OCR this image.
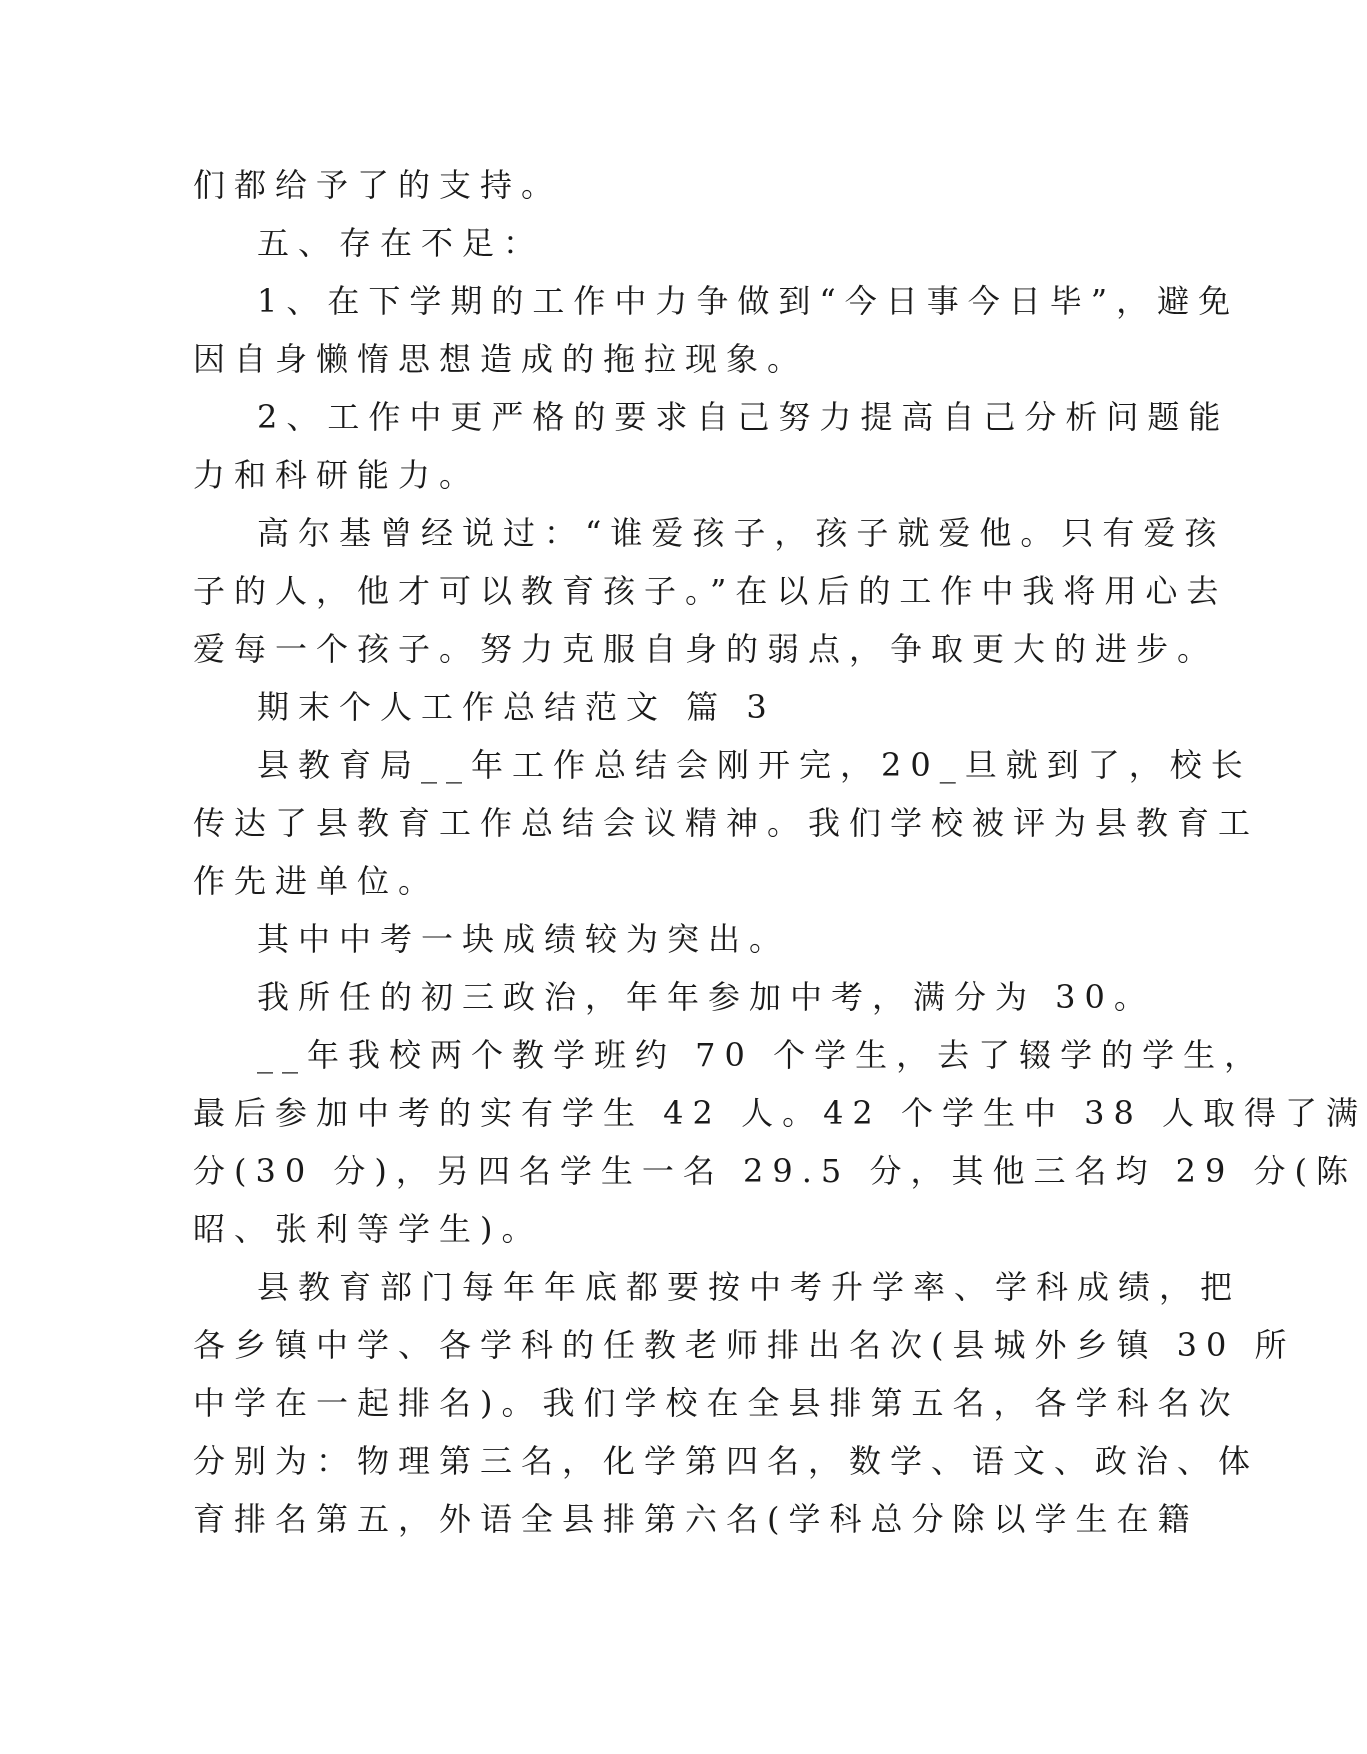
们都给予了的支持。
五、存在不足：
1、在下学期的工作中力争做到“今日事今日毕”，避免
因自身懒惰思想造成的拖拉现象。
2、工作中更严格的要求自己努力提高自己分析问题能
力和科研能力。
高尔基曾经说过：“谁爱孩子，孩子就爱他。只有爱孩
子的人，他才可以教育孩子。”在以后的工作中我将用心去
爱每一个孩子。努力克服自身的弱点，争取更大的进步。
期末个人工作总结范文 篇 3
县教育局__年工作总结会刚开完，20_旦就到了，校长
传达了县教育工作总结会议精神。我们学校被评为县教育工
作先进单位。
其中中考一块成绩较为突出。
我所任的初三政治，年年参加中考，满分为 30。
__年我校两个教学班约 70 个学生，去了辍学的学生，
最后参加中考的实有学生 42 人。42 个学生中 38 人取得了满
分(30 分)，另四名学生一名 29.5 分，其他三名均 29 分(陈
昭、张利等学生)。
县教育部门每年年底都要按中考升学率、学科成绩，把
各乡镇中学、各学科的任教老师排出名次(县城外乡镇 30 所
中学在一起排名)。我们学校在全县排第五名，各学科名次
分别为：物理第三名，化学第四名，数学、语文、政治、体
育排名第五，外语全县排第六名(学科总分除以学生在籍
